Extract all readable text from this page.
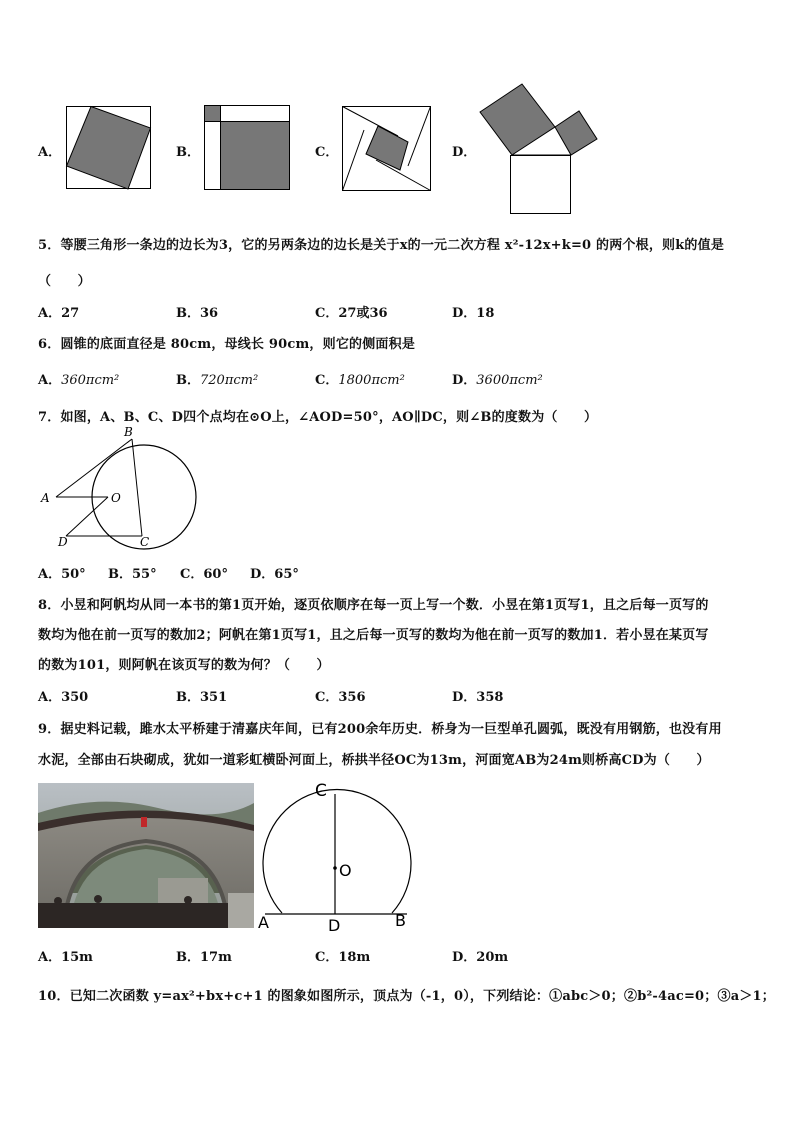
A．	B．	C．	D．
5．等腰三角形一条边的边长为3，它的另两条边的边长是关于x的一元二次方程 x²-12x+k=0 的两个根，则k的值是
（　　）
A．27	B．36	C．27或36	D．18
6．圆锥的底面直径是 80cm，母线长 90cm，则它的侧面积是
A．360πcm²	B．720πcm²	C．1800πcm²	D．3600πcm²
7．如图，A、B、C、D四个点均在⊙O上，∠AOD=50°，AO∥DC，则∠B的度数为（　　）
B
A	O
D	C
A．50° B．55° C．60° D．65°
8．小昱和阿帆均从同一本书的第1页开始，逐页依顺序在每一页上写一个数．小昱在第1页写1，且之后每一页写的
数均为他在前一页写的数加2；阿帆在第1页写1，且之后每一页写的数均为他在前一页写的数加1．若小昱在某页写
的数为101，则阿帆在该页写的数为何？（　　）
A．350	B．351	C．356	D．358
9．据史料记载，雎水太平桥建于清嘉庆年间，已有200余年历史．桥身为一巨型单孔圆弧，既没有用钢筋，也没有用
水泥，全部由石块砌成，犹如一道彩虹横卧河面上，桥拱半径OC为13m，河面宽AB为24m则桥高CD为（　　）
C
O
A	D	B
A．15m	B．17m	C．18m	D．20m
10．已知二次函数 y=ax²+bx+c+1 的图象如图所示，顶点为（-1，0），下列结论：①abc＞0；②b²-4ac=0；③a＞1；
